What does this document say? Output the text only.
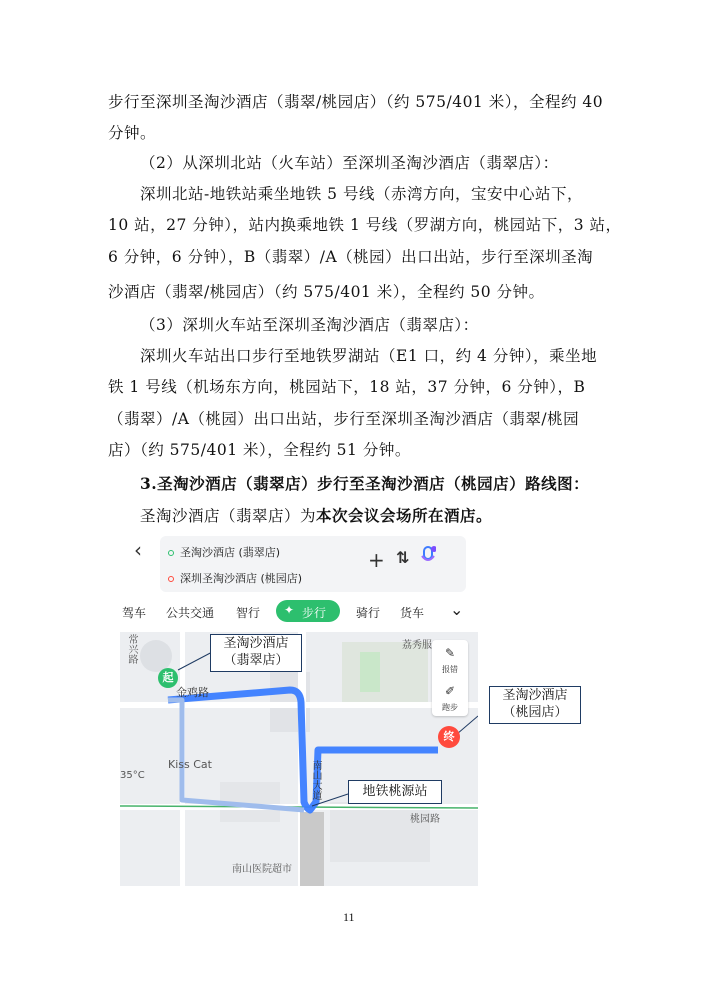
步行至深圳圣淘沙酒店（翡翠/桃园店）（约 575/401 米），全程约 40
分钟。
（2）从深圳北站（火车站）至深圳圣淘沙酒店（翡翠店）：
深圳北站-地铁站乘坐地铁 5 号线（赤湾方向，宝安中心站下，
10 站，27 分钟），站内换乘地铁 1 号线（罗湖方向，桃园站下，3 站，
6 分钟，6 分钟），B（翡翠）/A（桃园）出口出站，步行至深圳圣淘
沙酒店（翡翠/桃园店）（约 575/401 米），全程约 50 分钟。
（3）深圳火车站至深圳圣淘沙酒店（翡翠店）：
深圳火车站出口步行至地铁罗湖站（E1 口，约 4 分钟），乘坐地
铁 1 号线（机场东方向，桃园站下，18 站，37 分钟，6 分钟），B
（翡翠）/A（桃园）出口出站，步行至深圳圣淘沙酒店（翡翠/桃园
店）（约 575/401 米），全程约 51 分钟。
3.圣淘沙酒店（翡翠店）步行至圣淘沙酒店（桃园店）路线图：
圣淘沙酒店（翡翠店）为本次会议会场所在酒店。
‹	圣淘沙酒店 (翡翠店)
深圳圣淘沙酒店 (桃园店)
+ ⇅
驾车 公共交通 智行 ✦ 步行 骑行 货车 ⌄
起
终
常兴路
金鸡路
南山大道
桃园路
Kiss Cat
南山医院超市
荔秀服
35°C
✎
报错
✐
跑步
圣淘沙酒店
（翡翠店）
圣淘沙酒店
（桃园店）
地铁桃源站
11
